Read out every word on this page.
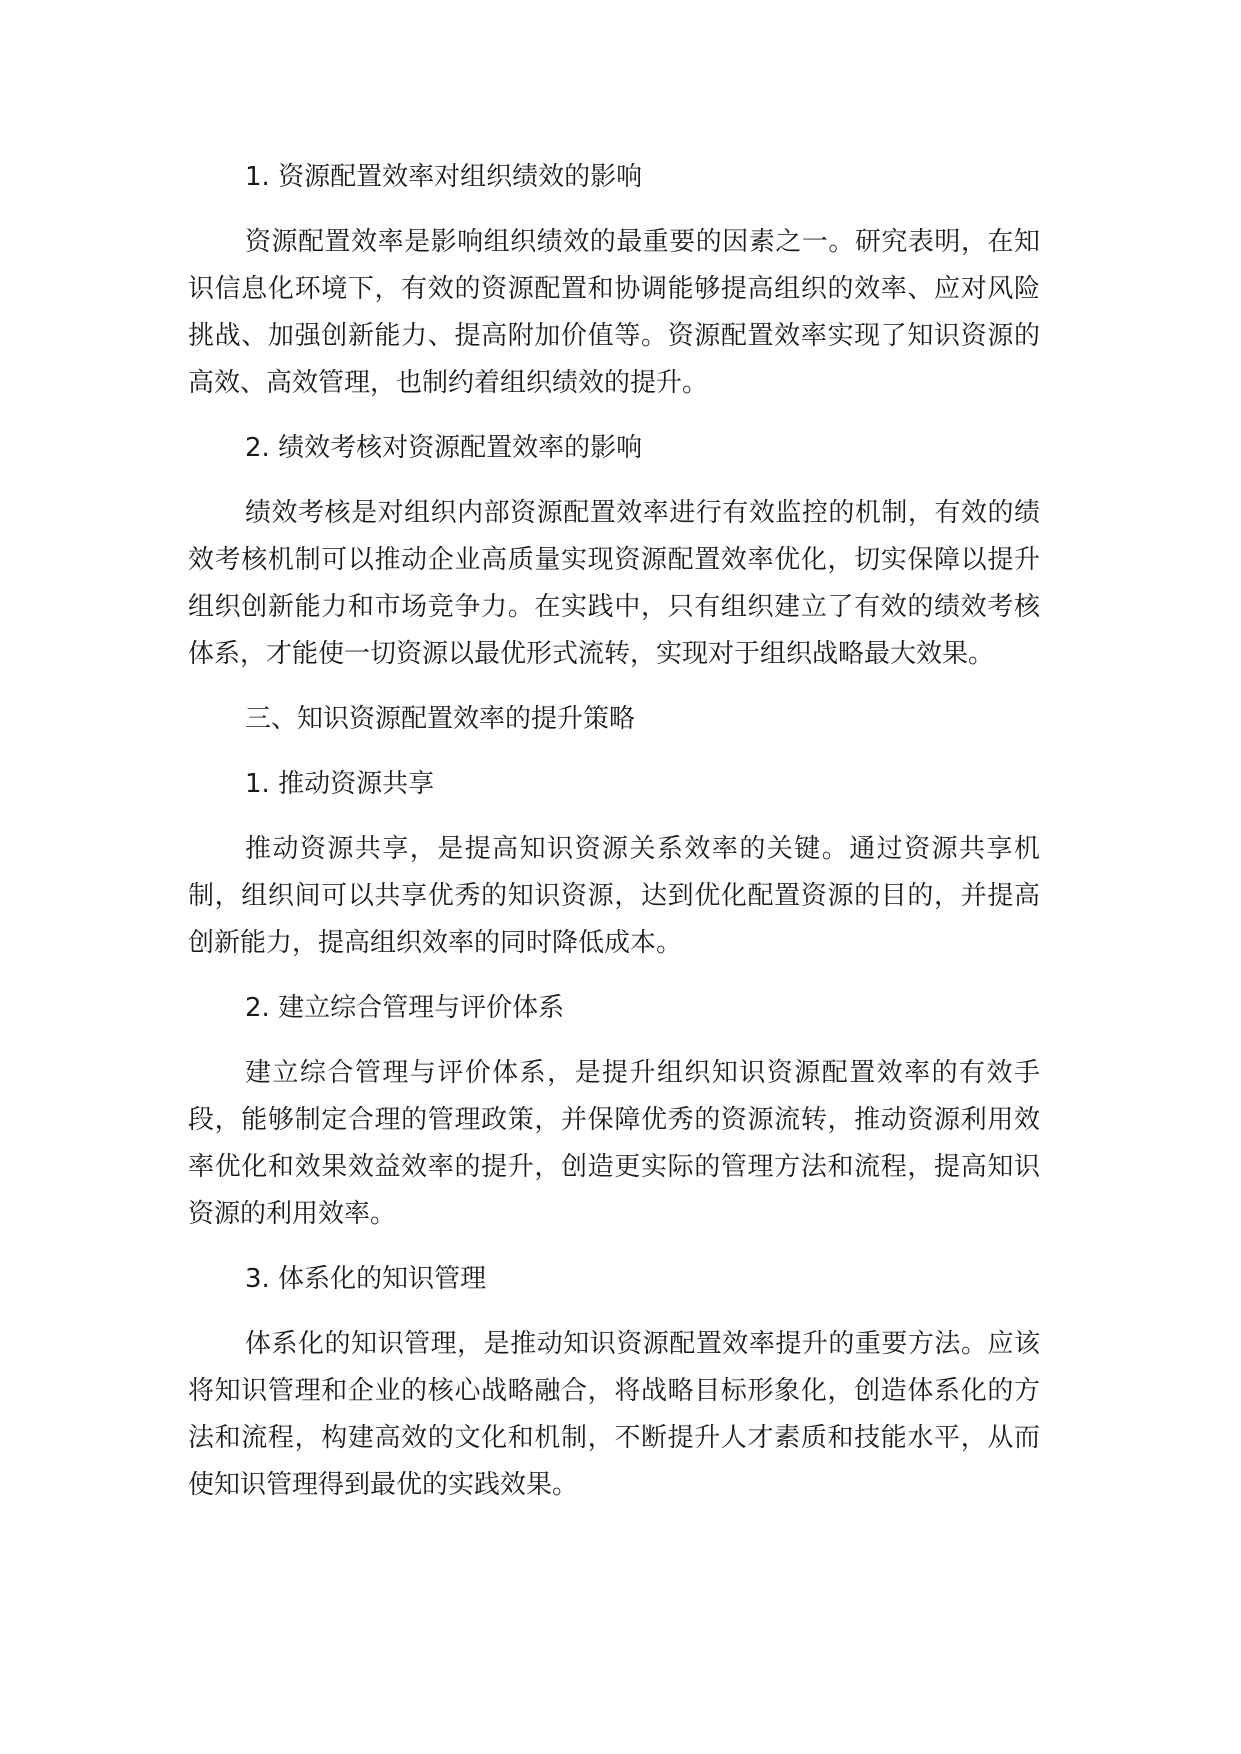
1. 资源配置效率对组织绩效的影响

资源配置效率是影响组织绩效的最重要的因素之一。研究表明，在知识信息化环境下，有效的资源配置和协调能够提高组织的效率、应对风险挑战、加强创新能力、提高附加价值等。资源配置效率实现了知识资源的高效、高效管理，也制约着组织绩效的提升。

2. 绩效考核对资源配置效率的影响

绩效考核是对组织内部资源配置效率进行有效监控的机制，有效的绩效考核机制可以推动企业高质量实现资源配置效率优化，切实保障以提升组织创新能力和市场竞争力。在实践中，只有组织建立了有效的绩效考核体系，才能使一切资源以最优形式流转，实现对于组织战略最大效果。

三、知识资源配置效率的提升策略

1. 推动资源共享

推动资源共享，是提高知识资源关系效率的关键。通过资源共享机制，组织间可以共享优秀的知识资源，达到优化配置资源的目的，并提高创新能力，提高组织效率的同时降低成本。

2. 建立综合管理与评价体系

建立综合管理与评价体系，是提升组织知识资源配置效率的有效手段，能够制定合理的管理政策，并保障优秀的资源流转，推动资源利用效率优化和效果效益效率的提升，创造更实际的管理方法和流程，提高知识资源的利用效率。

3. 体系化的知识管理

体系化的知识管理，是推动知识资源配置效率提升的重要方法。应该将知识管理和企业的核心战略融合，将战略目标形象化，创造体系化的方法和流程，构建高效的文化和机制，不断提升人才素质和技能水平，从而使知识管理得到最优的实践效果。
